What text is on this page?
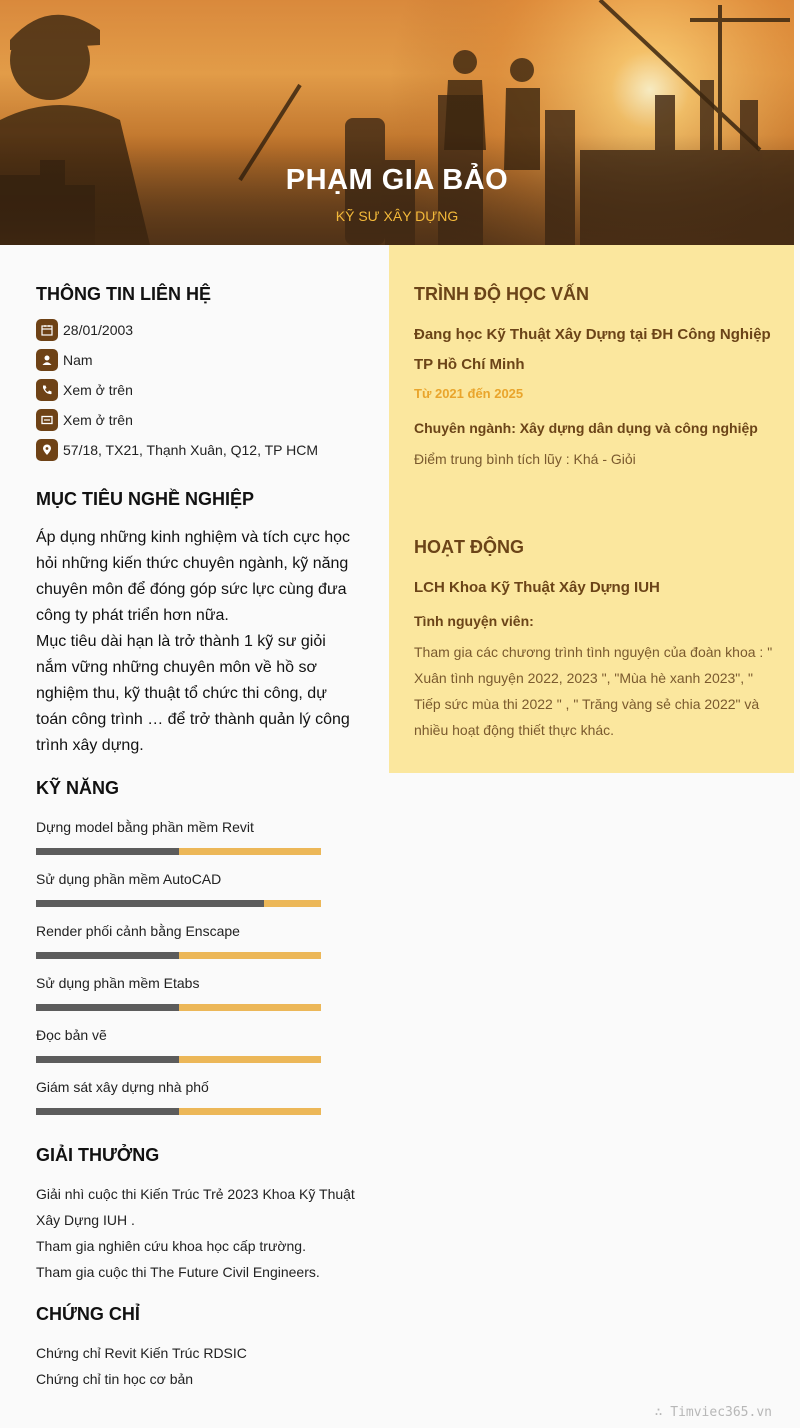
PHẠM GIA BẢO
KỸ SƯ XÂY DỰNG
THÔNG TIN LIÊN HỆ
28/01/2003
Nam
Xem ở trên
Xem ở trên
57/18, TX21, Thạnh Xuân, Q12, TP HCM
MỤC TIÊU NGHỀ NGHIỆP

Áp dụng những kinh nghiệm và tích cực học hỏi những kiến thức chuyên ngành, kỹ năng chuyên môn để đóng góp sức lực cùng đưa công ty phát triển hơn nữa.

Mục tiêu dài hạn là trở thành 1 kỹ sư giỏi nắm vững những chuyên môn về hồ sơ nghiệm thu, kỹ thuật tổ chức thi công, dự toán công trình … để trở thành quản lý công trình xây dựng.

KỸ NĂNG
Dựng model bằng phần mềm Revit
Sử dụng phần mềm AutoCAD
Render phối cảnh bằng Enscape
Sử dụng phần mềm Etabs
Đọc bản vẽ
Giám sát xây dựng nhà phố
GIẢI THƯỞNG
Giải nhì cuộc thi Kiến Trúc Trẻ 2023 Khoa Kỹ Thuật Xây Dựng IUH .
Tham gia nghiên cứu khoa học cấp trường.
Tham gia cuộc thi The Future Civil Engineers.
CHỨNG CHỈ
Chứng chỉ Revit Kiến Trúc RDSIC
Chứng chỉ tin học cơ bản
TRÌNH ĐỘ HỌC VẤN
Đang học Kỹ Thuật Xây Dựng tại ĐH Công Nghiệp TP Hồ Chí Minh
Từ 2021 đến 2025
Chuyên ngành: Xây dựng dân dụng và công nghiệp
Điểm trung bình tích lũy : Khá - Giỏi
HOẠT ĐỘNG
LCH Khoa Kỹ Thuật Xây Dựng IUH
Tình nguyện viên:
Tham gia các chương trình tình nguyện của đoàn khoa : " Xuân tình nguyện 2022, 2023 ", "Mùa hè xanh 2023", " Tiếp sức mùa thi 2022 " , " Trăng vàng sẻ chia 2022" và nhiều hoạt động thiết thực khác.
∴ Timviec365.vn
